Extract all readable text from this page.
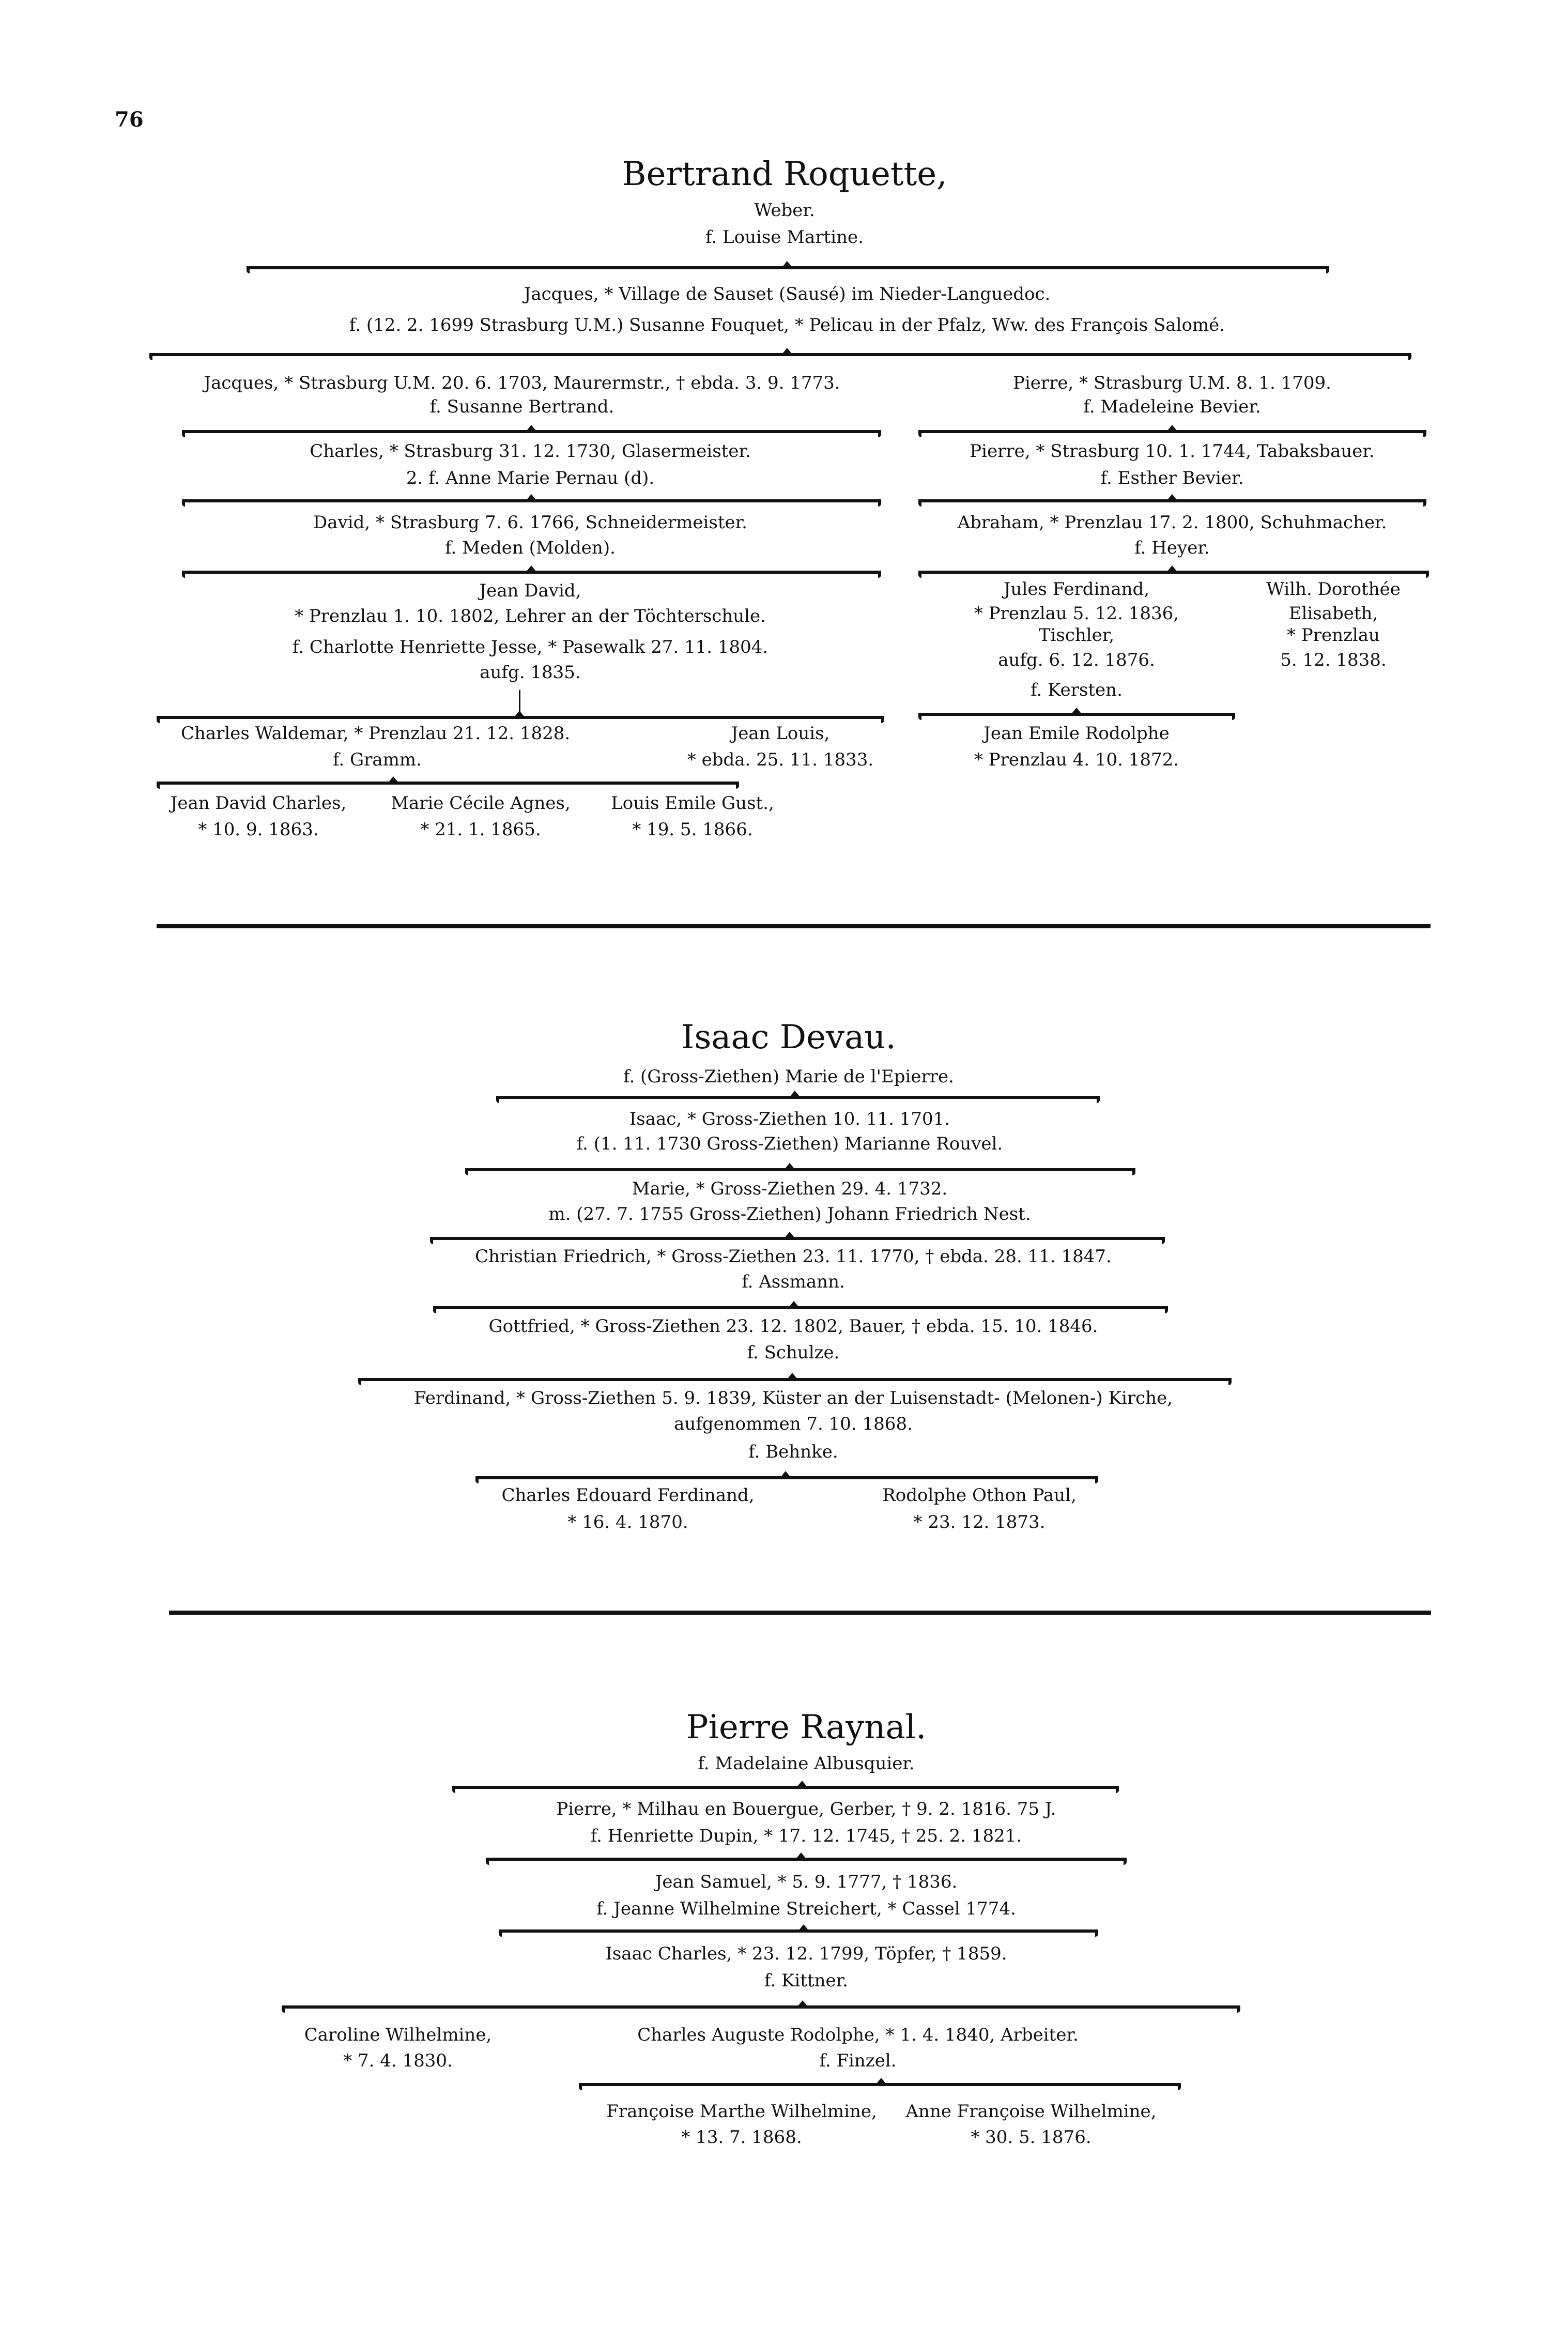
76
Bertrand Roquette,
Weber.
f. Louise Martine.
Jacques, * Village de Sauset (Sausé) im Nieder-Languedoc.
f. (12. 2. 1699 Strasburg U.M.) Susanne Fouquet, * Pelicau in der Pfalz, Ww. des François Salomé.
Jacques, * Strasburg U.M. 20. 6. 1703, Maurermstr., † ebda. 3. 9. 1773.
f. Susanne Bertrand.
Charles, * Strasburg 31. 12. 1730, Glasermeister.
2. f. Anne Marie Pernau (d).
David, * Strasburg 7. 6. 1766, Schneidermeister.
f. Meden (Molden).
Jean David,
* Prenzlau 1. 10. 1802, Lehrer an der Töchterschule.
f. Charlotte Henriette Jesse, * Pasewalk 27. 11. 1804.
aufg. 1835.
Charles Waldemar, * Prenzlau 21. 12. 1828.
f. Gramm.
Jean Louis,
* ebda. 25. 11. 1833.
Jean David Charles,
* 10. 9. 1863.
Marie Cécile Agnes,
* 21. 1. 1865.
Louis Emile Gust.,
* 19. 5. 1866.
Pierre, * Strasburg U.M. 8. 1. 1709.
f. Madeleine Bevier.
Pierre, * Strasburg 10. 1. 1744, Tabaksbauer.
f. Esther Bevier.
Abraham, * Prenzlau 17. 2. 1800, Schuhmacher.
f. Heyer.
Jules Ferdinand,
* Prenzlau 5. 12. 1836,
Tischler,
aufg. 6. 12. 1876.
f. Kersten.
Wilh. Dorothée
Elisabeth,
* Prenzlau
5. 12. 1838.
Jean Emile Rodolphe
* Prenzlau 4. 10. 1872.
Isaac Devau.
f. (Gross-Ziethen) Marie de l'Epierre.
Isaac, * Gross-Ziethen 10. 11. 1701.
f. (1. 11. 1730 Gross-Ziethen) Marianne Rouvel.
Marie, * Gross-Ziethen 29. 4. 1732.
m. (27. 7. 1755 Gross-Ziethen) Johann Friedrich Nest.
Christian Friedrich, * Gross-Ziethen 23. 11. 1770, † ebda. 28. 11. 1847.
f. Assmann.
Gottfried, * Gross-Ziethen 23. 12. 1802, Bauer, † ebda. 15. 10. 1846.
f. Schulze.
Ferdinand, * Gross-Ziethen 5. 9. 1839, Küster an der Luisenstadt- (Melonen-) Kirche,
aufgenommen 7. 10. 1868.
f. Behnke.
Charles Edouard Ferdinand,
* 16. 4. 1870.
Rodolphe Othon Paul,
* 23. 12. 1873.
Pierre Raynal.
f. Madelaine Albusquier.
Pierre, * Milhau en Bouergue, Gerber, † 9. 2. 1816. 75 J.
f. Henriette Dupin, * 17. 12. 1745, † 25. 2. 1821.
Jean Samuel, * 5. 9. 1777, † 1836.
f. Jeanne Wilhelmine Streichert, * Cassel 1774.
Isaac Charles, * 23. 12. 1799, Töpfer, † 1859.
f. Kittner.
Caroline Wilhelmine,
* 7. 4. 1830.
Charles Auguste Rodolphe, * 1. 4. 1840, Arbeiter.
f. Finzel.
Françoise Marthe Wilhelmine,
* 13. 7. 1868.
Anne Françoise Wilhelmine,
* 30. 5. 1876.
